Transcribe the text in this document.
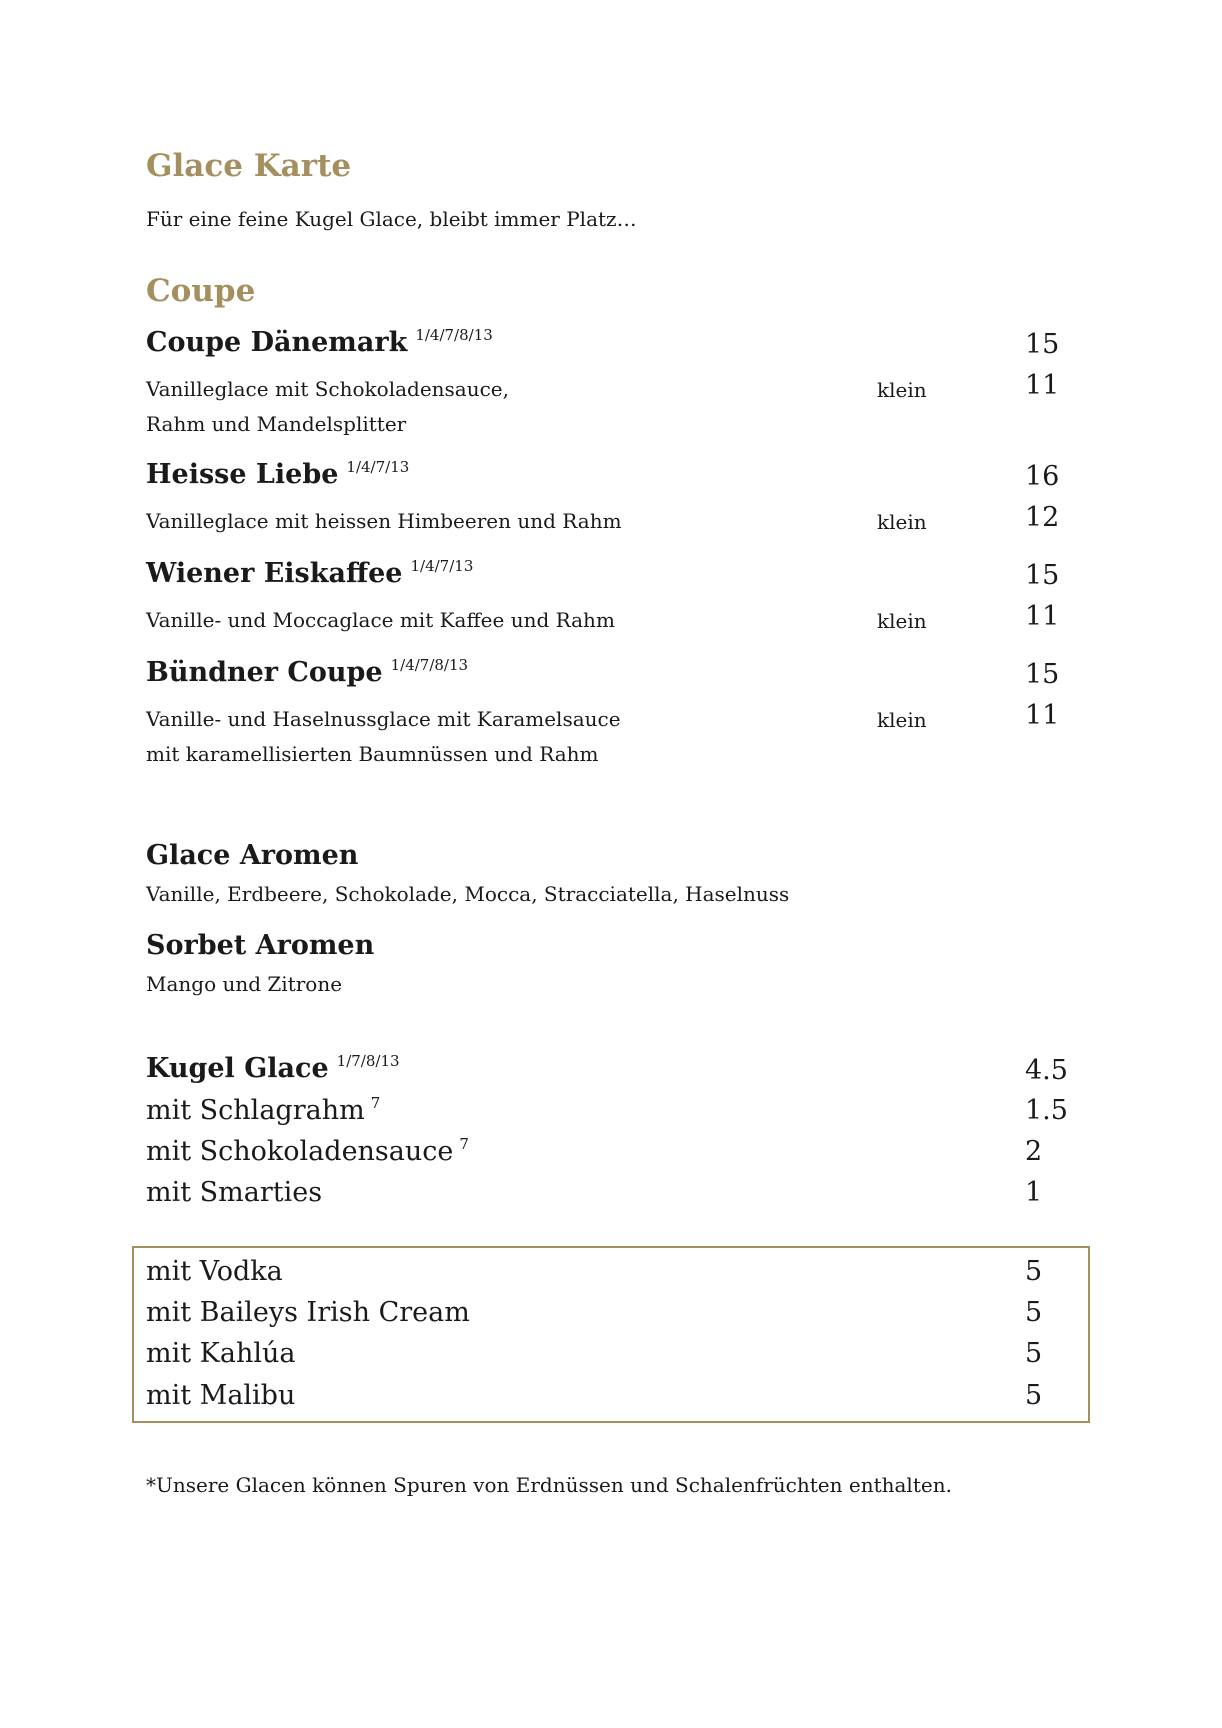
Glace Karte
Für eine feine Kugel Glace, bleibt immer Platz…
Coupe
Coupe Dänemark $^{1/4/7/8/13}$	15
Vanilleglace mit Schokoladensauce,
Rahm und Mandelsplitter
klein	11
Heisse Liebe $^{1/4/7/13}$	16
Vanilleglace mit heissen Himbeeren und Rahm	klein	12
Wiener Eiskaffee $^{1/4/7/13}$	15
Vanille- und Moccaglace mit Kaffee und Rahm	klein	11
Bündner Coupe $^{1/4/7/8/13}$	15
Vanille- und Haselnussglace mit Karamelsauce
mit karamellisierten Baumnüssen und Rahm
klein	11
Glace Aromen
Vanille, Erdbeere, Schokolade, Mocca, Stracciatella, Haselnuss
Sorbet Aromen
Mango und Zitrone
Kugel Glace $^{1/7/8/13}$	4.5
mit Schlagrahm $^7$	1.5
mit Schokoladensauce $^7$	2
mit Smarties	1
mit Vodka	5
mit Baileys Irish Cream	5
mit Kahlúa	5
mit Malibu	5
*Unsere Glacen können Spuren von Erdnüssen und Schalenfrüchten enthalten.
